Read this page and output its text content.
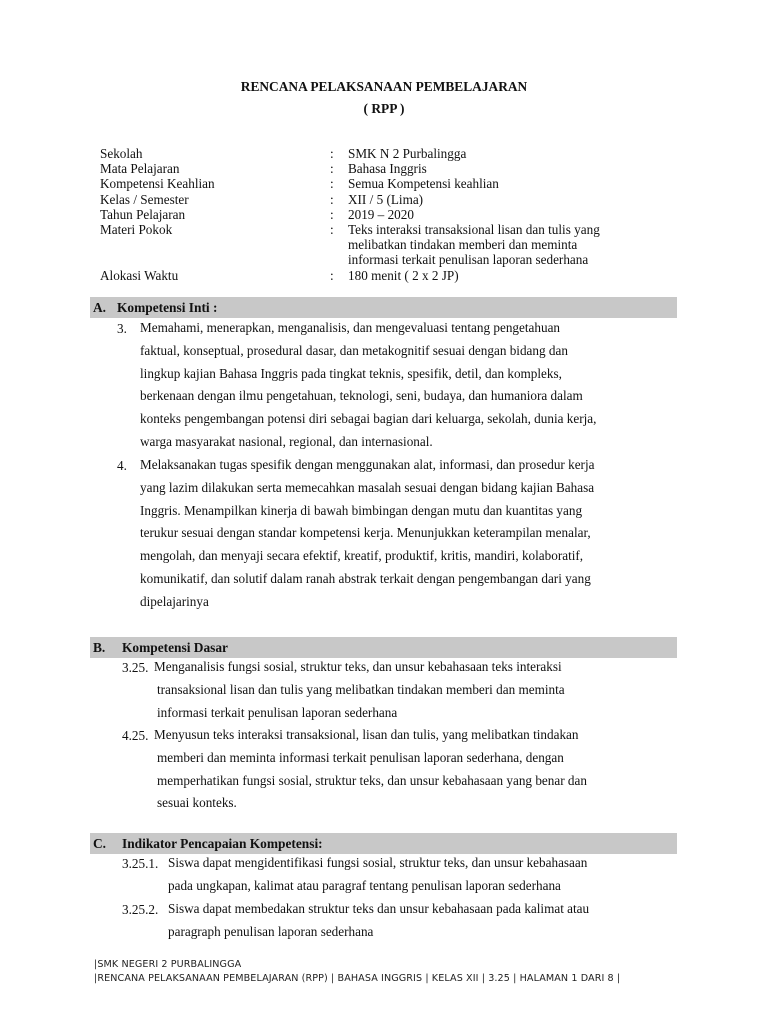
RENCANA PELAKSANAAN PEMBELAJARAN
( RPP )
Sekolah	:	SMK N 2 Purbalingga
Mata Pelajaran	:	Bahasa Inggris
Kompetensi Keahlian	:	Semua Kompetensi keahlian
Kelas / Semester	:	XII / 5 (Lima)
Tahun Pelajaran	:	2019 – 2020
Materi Pokok	:	Teks interaksi transaksional lisan dan tulis yang
melibatkan tindakan memberi dan meminta
informasi terkait penulisan laporan sederhana
Alokasi Waktu	:	180 menit ( 2 x 2 JP)
A. Kompetensi Inti :
3. Memahami, menerapkan, menganalisis, dan mengevaluasi tentang pengetahuan
faktual, konseptual, prosedural dasar, dan metakognitif sesuai dengan bidang dan
lingkup kajian Bahasa Inggris pada tingkat teknis, spesifik, detil, dan kompleks,
berkenaan dengan ilmu pengetahuan, teknologi, seni, budaya, dan humaniora dalam
konteks pengembangan potensi diri sebagai bagian dari keluarga, sekolah, dunia kerja,
warga masyarakat nasional, regional, dan internasional.
4. Melaksanakan tugas spesifik dengan menggunakan alat, informasi, dan prosedur kerja
yang lazim dilakukan serta memecahkan masalah sesuai dengan bidang kajian Bahasa
Inggris. Menampilkan kinerja di bawah bimbingan dengan mutu dan kuantitas yang
terukur sesuai dengan standar kompetensi kerja. Menunjukkan keterampilan menalar,
mengolah, dan menyaji secara efektif, kreatif, produktif, kritis, mandiri, kolaboratif,
komunikatif, dan solutif dalam ranah abstrak terkait dengan pengembangan dari yang
dipelajarinya
B. Kompetensi Dasar
3.25. Menganalisis fungsi sosial, struktur teks, dan unsur kebahasaan teks interaksi
transaksional lisan dan tulis yang melibatkan tindakan memberi dan meminta
informasi terkait penulisan laporan sederhana
4.25. Menyusun teks interaksi transaksional, lisan dan tulis, yang melibatkan tindakan
memberi dan meminta informasi terkait penulisan laporan sederhana, dengan
memperhatikan fungsi sosial, struktur teks, dan unsur kebahasaan yang benar dan
sesuai konteks.
C. Indikator Pencapaian Kompetensi:
3.25.1. Siswa dapat mengidentifikasi fungsi sosial, struktur teks, dan unsur kebahasaan
pada ungkapan, kalimat atau paragraf tentang penulisan laporan sederhana
3.25.2. Siswa dapat membedakan struktur teks dan unsur kebahasaan pada kalimat atau
paragraph penulisan laporan sederhana
|SMK NEGERI 2 PURBALINGGA
|RENCANA PELAKSANAAN PEMBELAJARAN (RPP) | BAHASA INGGRIS | KELAS XII | 3.25 | HALAMAN 1 DARI 8 |
